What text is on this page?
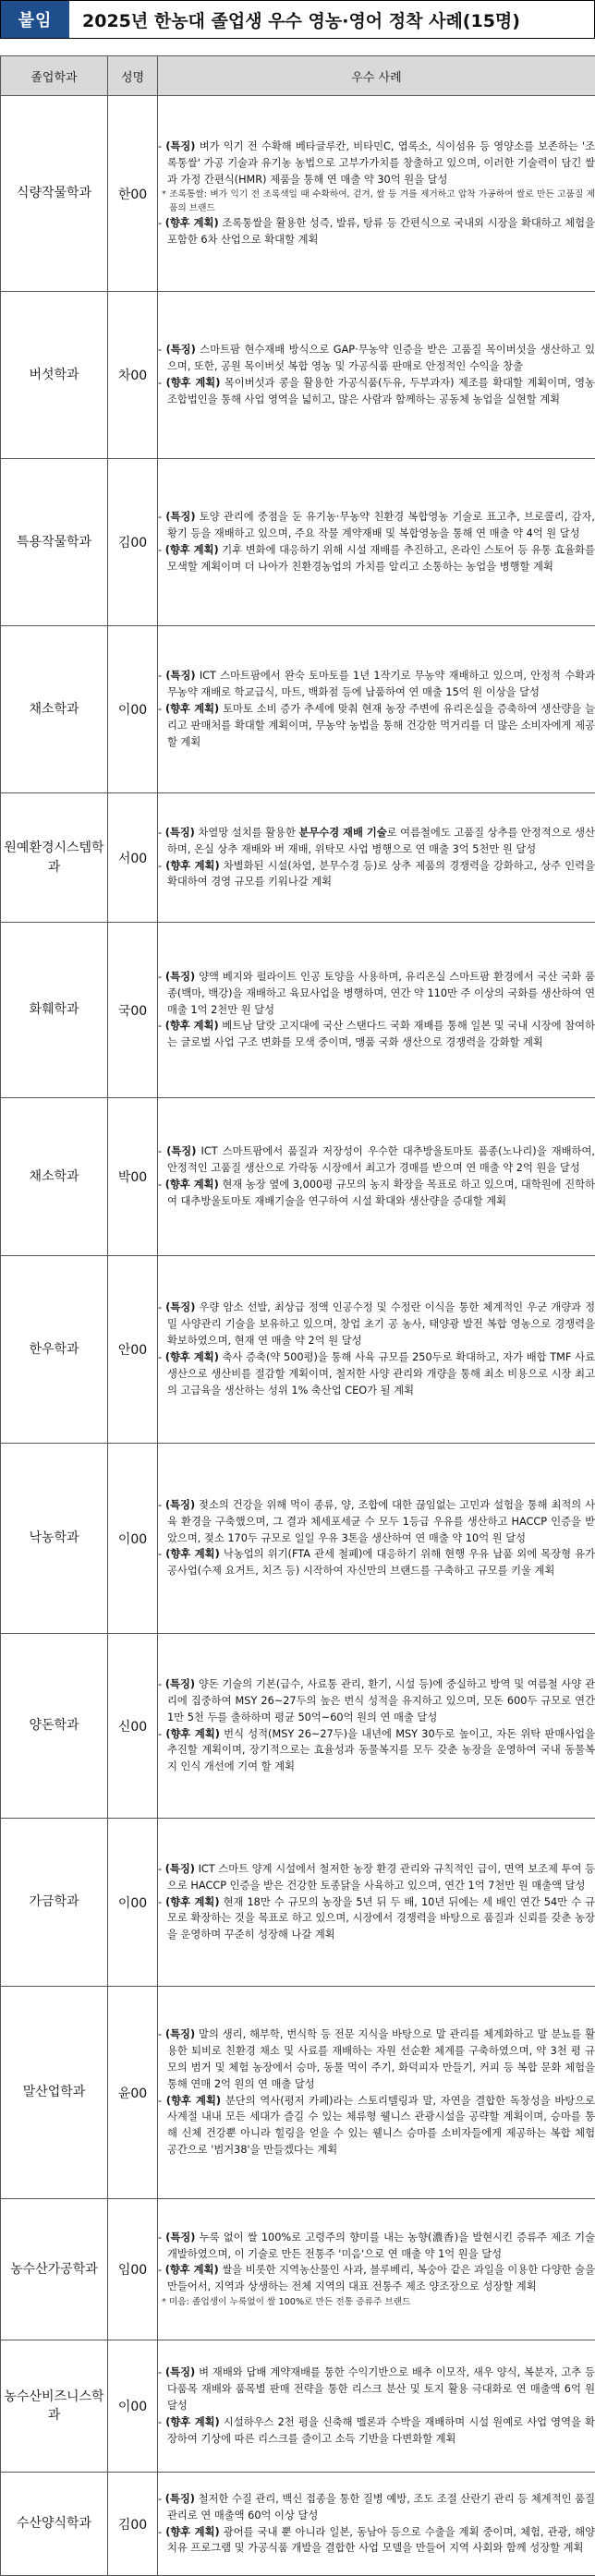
붙임	2025년 한농대 졸업생 우수 영농·영어 정착 사례(15명)
졸업학과	성명	우수 사례
식량작물학과	한00	- (특징) 벼가 익기 전 수확해 베타글루칸, 비타민C, 엽록소, 식이섬유 등 영양소를 보존하는 '조록통쌀' 가공 기술과 유기농 농법으로 고부가가치를 창출하고 있으며, 이러한 기술력이 담긴 쌀과 가정 간편식(HMR) 제품을 통해 연 매출 약 30억 원을 달성

* 조록통쌀: 벼가 익기 전 조록색일 때 수확하여, 겉겨, 쌀 등 겨를 제거하고 압착 가공하여 쌀로 만든 고품질 제품의 브랜드

- (향후 계획) 조록통쌀을 활용한 성즉, 발류, 탕류 등 간편식으로 국내외 시장을 확대하고 체험을 포함한 6차 산업으로 확대할 계획

버섯학과	차00	- (특징) 스마트팜 현수재배 방식으로 GAP·무농약 인증을 받은 고품질 목이버섯을 생산하고 있으며, 또한, 공원 목이버섯 복합 영농 및 가공식품 판매로 안정적인 수익을 창출

- (향후 계획) 목이버섯과 콩을 활용한 가공식품(두유, 두부과자) 제조를 확대할 계획이며, 영농조합법인을 통해 사업 영역을 넓히고, 많은 사람과 함께하는 공동체 농업을 실현할 계획

특용작물학과	김00	- (특징) 토양 관리에 중점을 둔 유기농·무농약 친환경 복합영농 기술로 표고추, 브로콜리, 감자, 황기 등을 재배하고 있으며, 주요 작물 계약재배 및 복합영농을 통해 연 매출 약 4억 원 달성

- (향후 계획) 기후 변화에 대응하기 위해 시설 재배를 추진하고, 온라인 스토어 등 유통 효율화를 모색할 계획이며 더 나아가 친환경농업의 가치를 알리고 소통하는 농업을 병행할 계획

채소학과	이00	- (특징) ICT 스마트팜에서 완숙 토마토를 1년 1작기로 무농약 재배하고 있으며, 안정적 수확과 무농약 재배로 학교급식, 마트, 백화점 등에 납품하여 연 매출 15억 원 이상을 달성

- (향후 계획) 토마토 소비 증가 추세에 맞춰 현재 농장 주변에 유리온실을 증축하여 생산량을 늘리고 판매처를 확대할 계획이며, 무농약 농법을 통해 건강한 먹거리를 더 많은 소비자에게 제공할 계획

원예환경시스템학과	서00	- (특징) 차열망 설치를 활용한 분무수경 재배 기술로 여름철에도 고품질 상추를 안정적으로 생산하며, 온실 상추 재배와 버 재배, 위탁모 사업 병행으로 연 매출 3억 5천만 원 달성

- (향후 계획) 차별화된 시설(차열, 분무수경 등)로 상추 제품의 경쟁력을 강화하고, 상주 인력을 확대하여 경영 규모를 키워나갈 계획

화훼학과	국00	- (특징) 양액 베지와 펄라이트 인공 토양을 사용하며, 유리온실 스마트팜 환경에서 국산 국화 품종(백마, 백강)을 재배하고 육묘사업을 병행하며, 연간 약 110만 주 이상의 국화를 생산하여 연 매출 1억 2천만 원 달성

- (향후 계획) 베트남 달랏 고지대에 국산 스탠다드 국화 재배를 통해 일본 및 국내 시장에 참여하는 글로벌 사업 구조 변화를 모색 중이며, 맹품 국화 생산으로 경쟁력을 강화할 계획

채소학과	박00	- (특징) ICT 스마트팜에서 품질과 저장성이 우수한 대추방울토마토 품종(노나리)을 재배하여, 안정적인 고품질 생산으로 가락동 시장에서 최고가 경매를 받으며 연 매출 약 2억 원을 달성

- (향후 계획) 현재 농장 옆에 3,000평 규모의 농지 확장을 목표로 하고 있으며, 대학원에 진학하여 대추방울토마토 재배기술을 연구하여 시설 확대와 생산량을 증대할 계획

한우학과	안00	- (특징) 우량 암소 선발, 최상급 정액 인공수정 및 수정란 이식을 통한 체계적인 우군 개량과 정밀 사양관리 기술을 보유하고 있으며, 창업 초기 공 농사, 태양광 발전 복합 영농으로 경쟁력을 확보하였으며, 현재 연 매출 약 2억 원 달성

- (향후 계획) 축사 증축(약 500평)을 통해 사육 규모를 250두로 확대하고, 자가 배합 TMF 사료 생산으로 생산비를 절감할 계획이며, 철저한 사양 관리와 개량을 통해 최소 비용으로 시장 최고의 고급육을 생산하는 성위 1% 축산업 CEO가 될 계획

낙농학과	이00	- (특징) 젖소의 건강을 위해 먹이 종류, 양, 조합에 대한 끊임없는 고민과 설험을 통해 최적의 사육 환경을 구축했으며, 그 결과 체세포세균 수 모두 1등급 우유를 생산하고 HACCP 인증을 받았으며, 젖소 170두 규모로 일일 우유 3톤을 생산하여 연 매출 약 10억 원 달성

- (향후 계획) 낙농업의 위기(FTA 관세 철폐)에 대응하기 위해 현행 우유 납품 외에 목장형 유가공사업(수제 요거트, 치즈 등) 시작하여 자신만의 브랜드를 구축하고 규모를 키울 계획

양돈학과	신00	- (특징) 양돈 기술의 기본(급수, 사료통 관리, 환기, 시설 등)에 중실하고 방역 및 여름철 사양 관리에 집중하여 MSY 26~27두의 높은 번식 성적을 유지하고 있으며, 모돈 600두 규모로 연간 1만 5천 두를 출하하며 평균 50억~60억 원의 연 매출 달성

- (향후 계획) 번식 성적(MSY 26~27두)을 내년에 MSY 30두로 높이고, 자돈 위탁 판매사업을 추진할 계획이며, 장기적으로는 효율성과 동물복지를 모두 갖춘 농장을 운영하여 국내 동물복지 인식 개선에 기여 할 계획

가금학과	이00	- (특징) ICT 스마트 양계 시설에서 철저한 농장 환경 관리와 규칙적인 급이, 면역 보조제 투여 등으로 HACCP 인증을 받은 건강한 토종닭을 사육하고 있으며, 연간 1억 7천만 원 매출액 달성

- (향후 계획) 현재 18만 수 규모의 농장을 5년 뒤 두 배, 10년 뒤에는 세 배인 연간 54만 수 규모로 확장하는 것을 목표로 하고 있으며, 시장에서 경쟁력을 바탕으로 품질과 신뢰를 갖춘 농장을 운영하며 꾸준히 성장해 나갈 계획

말산업학과	윤00	- (특징) 말의 생리, 해부학, 번식학 등 전문 지식을 바탕으로 말 관리를 체계화하고 말 분뇨를 활용한 퇴비로 친환경 채소 및 사료를 재배하는 자원 선순환 체계를 구축하였으며, 약 3천 평 규모의 범거 및 체험 농장에서 승마, 동물 먹이 주기, 화덕피자 만들기, 커피 등 복합 문화 체험을 통해 연매 2억 원의 연 매출 달성

- (향후 계획) 분단의 역사(평저 카페)라는 스토리텔링과 말, 자연을 결합한 독창성을 바탕으로 사계절 내내 모든 세대가 즐길 수 있는 체류형 웰니스 관광시설을 공략할 계획이며, 승마를 통해 신체 건강뿐 아니라 힐링을 얻을 수 있는 웰니스 승마를 소비자들에게 제공하는 복합 체험 공간으로 '범거38'을 만들겠다는 계획

농수산가공학과	임00	- (특징) 누룩 없이 쌀 100%로 고령주의 향미를 내는 농향(濃香)을 발현시킨 증류주 제조 기술 개발하였으며, 이 기술로 만든 전통주 '미음'으로 연 매출 약 1억 원을 달성

- (향후 계획) 쌀을 비롯한 지역농산물인 사과, 블루베리, 복숭아 같은 과일을 이용한 다양한 술을 만들어서, 지역과 상생하는 전체 지역의 대표 전통주 제조 양조장으로 성장할 계획

* 미음: 졸업생이 누룩없이 쌀 100%로 만든 전통 증류주 브랜드

농수산비즈니스학과	이00	- (특징) 벼 재배와 답배 계약재배를 통한 수익기반으로 배추 이모작, 새우 양식, 복분자, 고추 등 다품목 재배와 품목별 판매 전략을 통한 리스크 분산 및 토지 활용 극대화로 연 매출액 6억 원 달성

- (향후 계획) 시설하우스 2천 평을 신축해 멜론과 수박을 재배하며 시설 원예로 사업 영역을 확장하여 기상에 따른 리스크를 줄이고 소득 기반을 다변화할 계획

수산양식학과	김00	- (특징) 철저한 수질 관리, 백신 접종을 통한 질병 예방, 조도 조절 산란기 관리 등 체계적인 품질관리로 연 매출액 60억 이상 달성

- (향후 계획) 광어를 국내 뿐 아니라 일본, 동남아 등으로 수출을 계획 중이며, 체험, 관광, 해양치유 프로그램 및 가공식품 개발을 결합한 사업 모델을 만들어 지역 사회와 함께 성장할 계획
